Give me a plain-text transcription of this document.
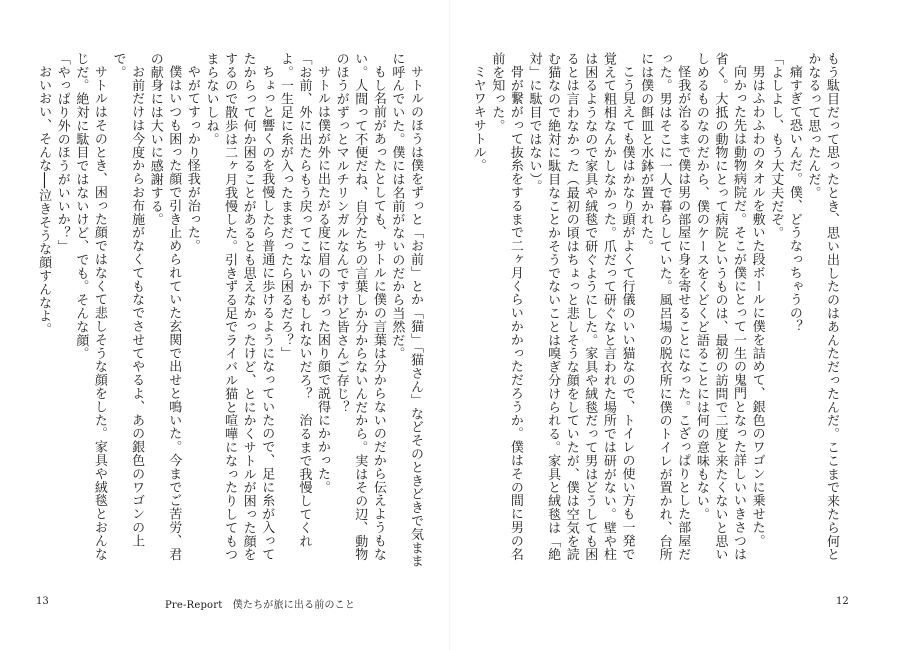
サトルのほうは僕をずっと「お前」とか「猫」「猫さん」などそのときどきで気ままに呼んでいた。僕には名前がないのだから当然だ。

もし名前があったとしても、サトルに僕の言葉は分からないのだから伝えようもない。人間って不便だね、自分たちの言葉しか分からないんだから。実はその辺、動物のほうがずっとマルチリンガルなんですけど皆さんご存じ？

サトルは僕が外に出たがる度に眉の下がった困り顔で説得にかかった。

「お前、外に出たらもう戻ってこないかもしれないだろ？　治るまで我慢してくれよ。一生足に糸が入ったままだったら困るだろ？」

ちょっと響くのを我慢したら普通に歩けるようになっていたので、足に糸が入ってたからって何か困ることがあるとも思えなかったけど、とにかくサトルが困った顔をするので散歩は二ヶ月我慢した。引きずる足でライバル猫と喧嘩になったりしてもつまらないしね。

やがてすっかり怪我が治った。

僕はいつも困った顔で引き止められていた玄関で出せと鳴いた。今までご苦労、君の献身には大いに感謝する。

お前だけは今度からお布施がなくてもなでさせてやるよ、あの銀色のワゴンの上で。

サトルはそのとき、困った顔ではなくて悲しそうな顔をした。家具や絨毯とおんなじだ。絶対に駄目ではないけど、でも。そんな顔。

「やっぱり外のほうがいいか？」

おいおい、そんな──泣きそうな顔すんなよ。	もう駄目だって思ったとき、思い出したのはあんただったんだ。ここまで来たら何とかなるって思ったんだ。

痛すぎて恐いんだ。僕、どうなっちゃうの？

「よしよし、もう大丈夫だぞ。

男はふわふわのタオルを敷いた段ボールに僕を詰めて、銀色のワゴンに乗せた。

向かった先は動物病院だ。そこが僕にとって一生の鬼門となった詳しいいきさつは省く。大抵の動物にとって病院というものは、最初の訪問で二度と来たくないと思いしめるものなのだから、僕のケースをくどくど語ることには何の意味もない。

怪我が治るまで僕は男の部屋に身を寄せることになった。こざっぱりとした部屋だった。男はそこに一人で暮らしていた。風呂場の脱衣所に僕のトイレが置かれ、台所には僕の餌皿と水鉢が置かれた。

こう見えても僕はかなり頭がよくて行儀のいい猫なので、トイレの使い方も一発で覚えて粗相なんかしなかった。爪だって研ぐなと言われた場所では研がない。壁や柱は困るようなので家具や絨毯で研ぐようにした。家具や絨毯だって男はどうしても困るとは言わなかった（最初の頃はちょっと悲しそうな顔をしていたが、僕は空気を読む猫なので絶対に駄目なことかそうでないことは嗅ぎ分けられる。家具と絨毯は「絶対」に駄目ではない）。

骨が繋がって抜糸をするまで二ヶ月くらいかかっただろうか。僕はその間に男の名前を知った。

ミヤワキサトル。

13	Pre-Report　僕たちが旅に出る前のこと	12
